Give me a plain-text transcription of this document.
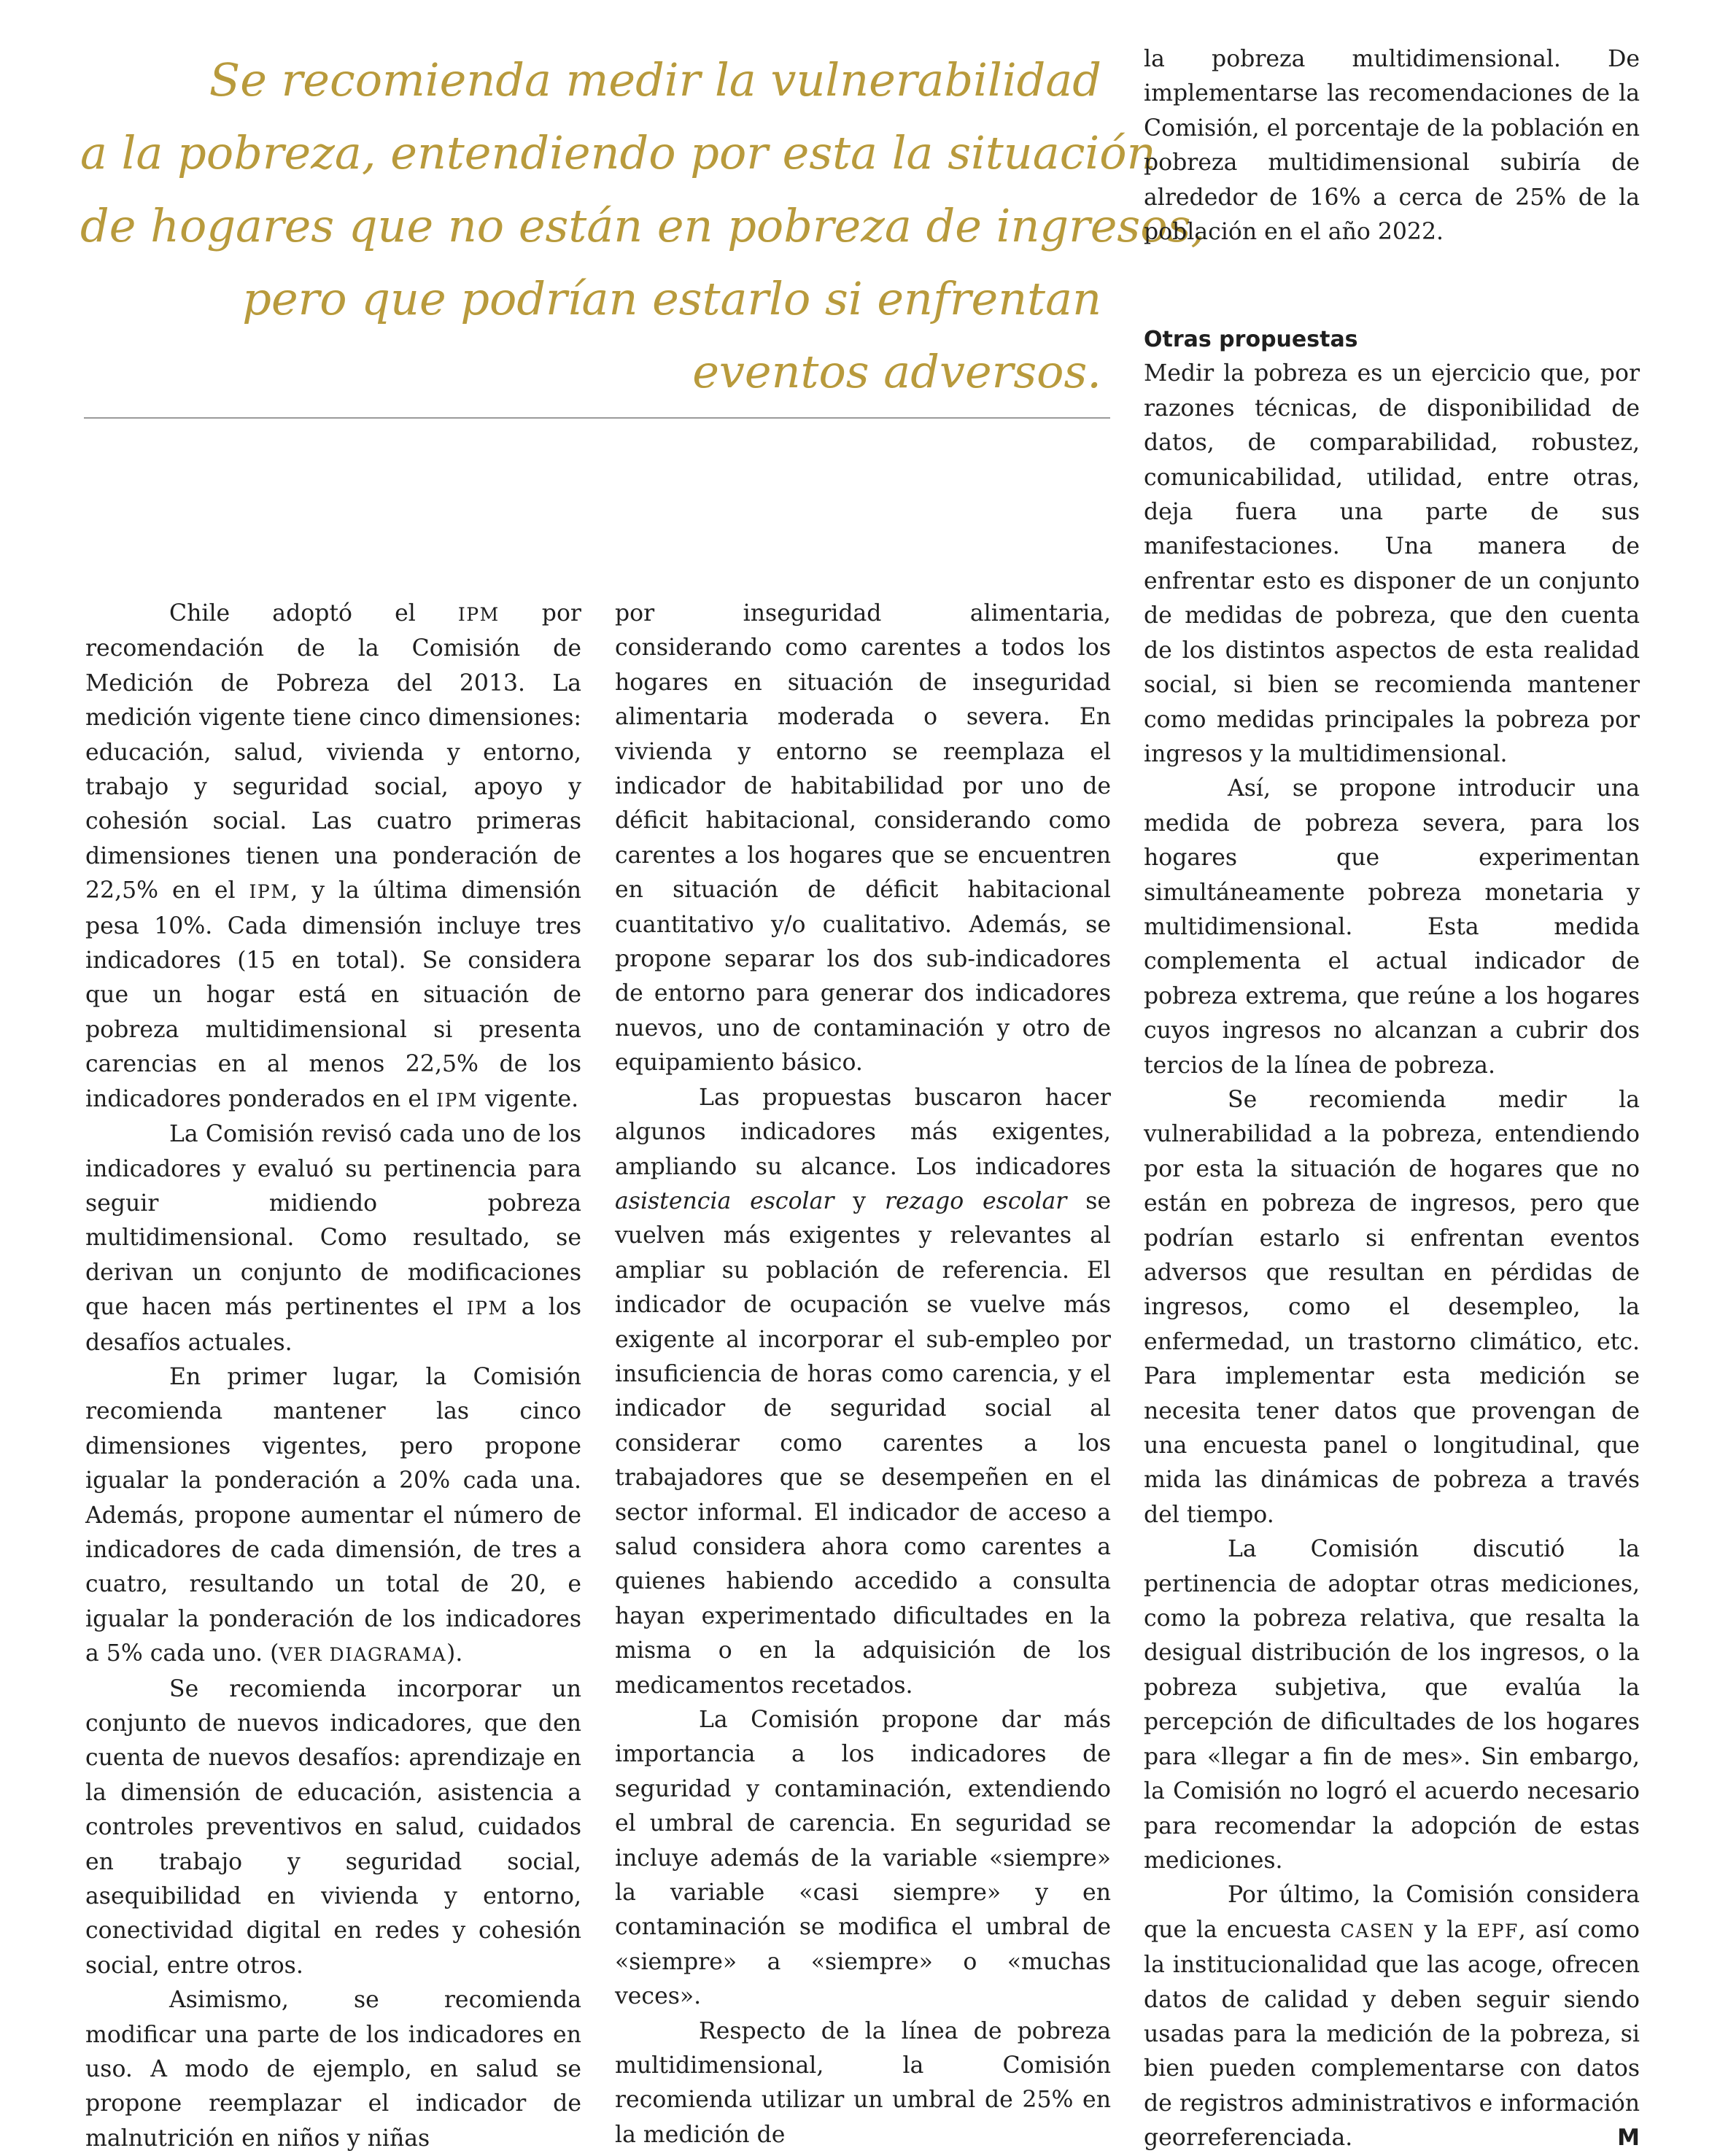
Se recomienda medir la vulnerabilidad
a la pobreza, entendiendo por esta la situación
de hogares que no están en pobreza de ingresos,
pero que podrían estarlo si enfrentan
eventos adversos.

Chile adoptó el IPM por recomendación de la Comisión de Medición de Pobreza del 2013. La medición vigente tiene cinco dimensiones: educación, salud, vivienda y entorno, trabajo y seguridad social, apoyo y cohesión social. Las cuatro primeras dimensiones tienen una ponderación de 22,5% en el IPM, y la última dimensión pesa 10%. Cada dimensión incluye tres indicadores (15 en total). Se considera que un hogar está en situación de pobreza multidimensional si presenta carencias en al menos 22,5% de los indicadores ponderados en el IPM vigente.

La Comisión revisó cada uno de los indicadores y evaluó su pertinencia para seguir midiendo pobreza multidimensional. Como resultado, se derivan un conjunto de modificaciones que hacen más pertinentes el IPM a los desafíos actuales.

En primer lugar, la Comisión recomienda mantener las cinco dimensiones vigentes, pero propone igualar la ponderación a 20% cada una. Además, propone aumentar el número de indicadores de cada dimensión, de tres a cuatro, resultando un total de 20, e igualar la ponderación de los indicadores a 5% cada uno. (VER DIAGRAMA).

Se recomienda incorporar un conjunto de nuevos indicadores, que den cuenta de nuevos desafíos: aprendizaje en la dimensión de educación, asistencia a controles preventivos en salud, cuidados en trabajo y seguridad social, asequibilidad en vivienda y entorno, conectividad digital en redes y cohesión social, entre otros.

Asimismo, se recomienda modificar una parte de los indicadores en uso. A modo de ejemplo, en salud se propone reemplazar el indicador de malnutrición en niños y niñas

por inseguridad alimentaria, considerando como carentes a todos los hogares en situación de inseguridad alimentaria moderada o severa. En vivienda y entorno se reemplaza el indicador de habitabilidad por uno de déficit habitacional, considerando como carentes a los hogares que se encuentren en situación de déficit habitacional cuantitativo y/o cualitativo. Además, se propone separar los dos sub-indicadores de entorno para generar dos indicadores nuevos, uno de contaminación y otro de equipamiento básico.

Las propuestas buscaron hacer algunos indicadores más exigentes, ampliando su alcance. Los indicadores asistencia escolar y rezago escolar se vuelven más exigentes y relevantes al ampliar su población de referencia. El indicador de ocupación se vuelve más exigente al incorporar el sub-empleo por insuficiencia de horas como carencia, y el indicador de seguridad social al considerar como carentes a los trabajadores que se desempeñen en el sector informal. El indicador de acceso a salud considera ahora como carentes a quienes habiendo accedido a consulta hayan experimentado dificultades en la misma o en la adquisición de los medicamentos recetados.

La Comisión propone dar más importancia a los indicadores de seguridad y contaminación, extendiendo el umbral de carencia. En seguridad se incluye además de la variable «siempre» la variable «casi siempre» y en contaminación se modifica el umbral de «siempre» a «siempre» o «muchas veces».

Respecto de la línea de pobreza multidimensional, la Comisión recomienda utilizar un umbral de 25% en la medición de

la pobreza multidimensional. De implementarse las recomendaciones de la Comisión, el porcentaje de la población en pobreza multidimensional subiría de alrededor de 16% a cerca de 25% de la población en el año 2022.

Otras propuestas

Medir la pobreza es un ejercicio que, por razones técnicas, de disponibilidad de datos, de comparabilidad, robustez, comunicabilidad, utilidad, entre otras, deja fuera una parte de sus manifestaciones. Una manera de enfrentar esto es disponer de un conjunto de medidas de pobreza, que den cuenta de los distintos aspectos de esta realidad social, si bien se recomienda mantener como medidas principales la pobreza por ingresos y la multidimensional.

Así, se propone introducir una medida de pobreza severa, para los hogares que experimentan simultáneamente pobreza monetaria y multidimensional. Esta medida complementa el actual indicador de pobreza extrema, que reúne a los hogares cuyos ingresos no alcanzan a cubrir dos tercios de la línea de pobreza.

Se recomienda medir la vulnerabilidad a la pobreza, entendiendo por esta la situación de hogares que no están en pobreza de ingresos, pero que podrían estarlo si enfrentan eventos adversos que resultan en pérdidas de ingresos, como el desempleo, la enfermedad, un trastorno climático, etc. Para implementar esta medición se necesita tener datos que provengan de una encuesta panel o longitudinal, que mida las dinámicas de pobreza a través del tiempo.

La Comisión discutió la pertinencia de adoptar otras mediciones, como la pobreza relativa, que resalta la desigual distribución de los ingresos, o la pobreza subjetiva, que evalúa la percepción de dificultades de los hogares para «llegar a fin de mes». Sin embargo, la Comisión no logró el acuerdo necesario para recomendar la adopción de estas mediciones.

Por último, la Comisión considera que la encuesta CASEN y la EPF, así como la institucionalidad que las acoge, ofrecen datos de calidad y deben seguir siendo usadas para la medición de la pobreza, si bien pueden complementarse con datos de registros administrativos e información georreferenciada.	M
